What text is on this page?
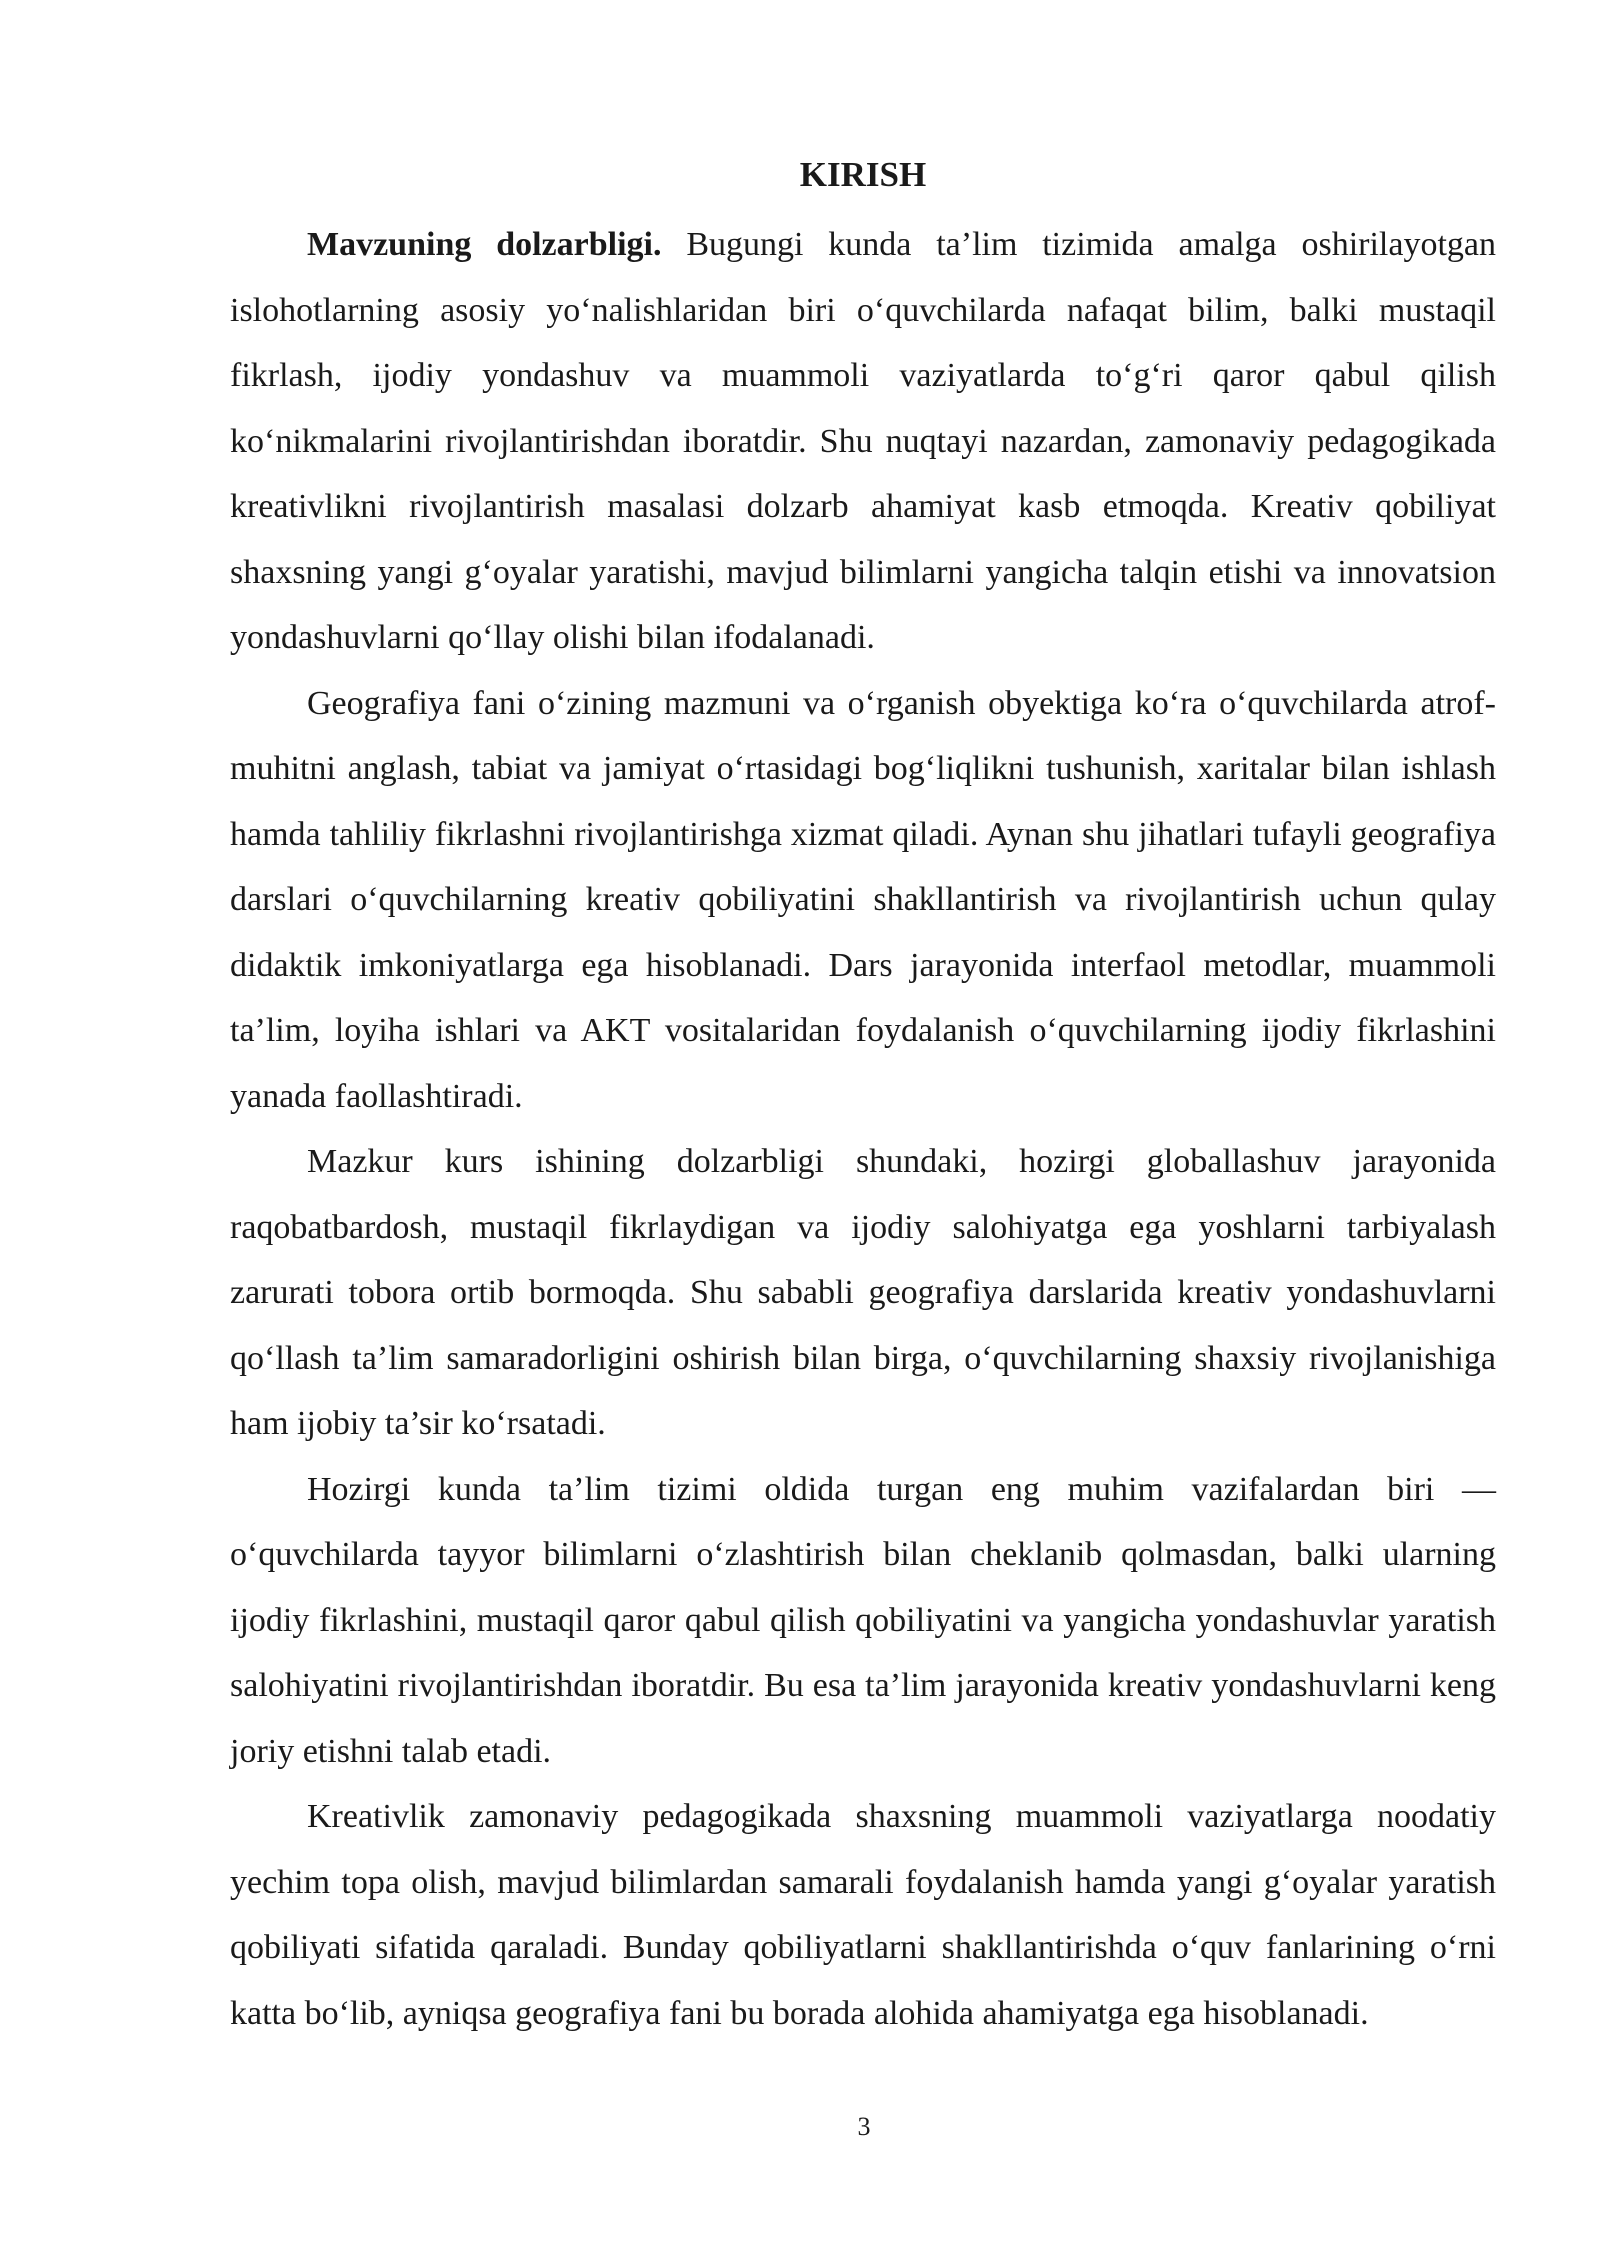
KIRISH

Mavzuning dolzarbligi. Bugungi kunda ta’lim tizimida amalga oshirilayotgan islohotlarning asosiy yo‘nalishlaridan biri o‘quvchilarda nafaqat bilim, balki mustaqil fikrlash, ijodiy yondashuv va muammoli vaziyatlarda to‘g‘ri qaror qabul qilish ko‘nikmalarini rivojlantirishdan iboratdir. Shu nuqtayi nazardan, zamonaviy pedagogikada kreativlikni rivojlantirish masalasi dolzarb ahamiyat kasb etmoqda. Kreativ qobiliyat shaxsning yangi g‘oyalar yaratishi, mavjud bilimlarni yangicha talqin etishi va innovatsion yondashuvlarni qo‘llay olishi bilan ifodalanadi.

Geografiya fani o‘zining mazmuni va o‘rganish obyektiga ko‘ra o‘quvchilarda atrof-muhitni anglash, tabiat va jamiyat o‘rtasidagi bog‘liqlikni tushunish, xaritalar bilan ishlash hamda tahliliy fikrlashni rivojlantirishga xizmat qiladi. Aynan shu jihatlari tufayli geografiya darslari o‘quvchilarning kreativ qobiliyatini shakllantirish va rivojlantirish uchun qulay didaktik imkoniyatlarga ega hisoblanadi. Dars jarayonida interfaol metodlar, muammoli ta’lim, loyiha ishlari va AKT vositalaridan foydalanish o‘quvchilarning ijodiy fikrlashini yanada faollashtiradi.

Mazkur kurs ishining dolzarbligi shundaki, hozirgi globallashuv jarayonida raqobatbardosh, mustaqil fikrlaydigan va ijodiy salohiyatga ega yoshlarni tarbiyalash zarurati tobora ortib bormoqda. Shu sababli geografiya darslarida kreativ yondashuvlarni qo‘llash ta’lim samaradorligini oshirish bilan birga, o‘quvchilarning shaxsiy rivojlanishiga ham ijobiy ta’sir ko‘rsatadi.

Hozirgi kunda ta’lim tizimi oldida turgan eng muhim vazifalardan biri — o‘quvchilarda tayyor bilimlarni o‘zlashtirish bilan cheklanib qolmasdan, balki ularning ijodiy fikrlashini, mustaqil qaror qabul qilish qobiliyatini va yangicha yondashuvlar yaratish salohiyatini rivojlantirishdan iboratdir. Bu esa ta’lim jarayonida kreativ yondashuvlarni keng joriy etishni talab etadi.

Kreativlik zamonaviy pedagogikada shaxsning muammoli vaziyatlarga noodatiy yechim topa olish, mavjud bilimlardan samarali foydalanish hamda yangi g‘oyalar yaratish qobiliyati sifatida qaraladi. Bunday qobiliyatlarni shakllantirishda o‘quv fanlarining o‘rni katta bo‘lib, ayniqsa geografiya fani bu borada alohida ahamiyatga ega hisoblanadi.

3
